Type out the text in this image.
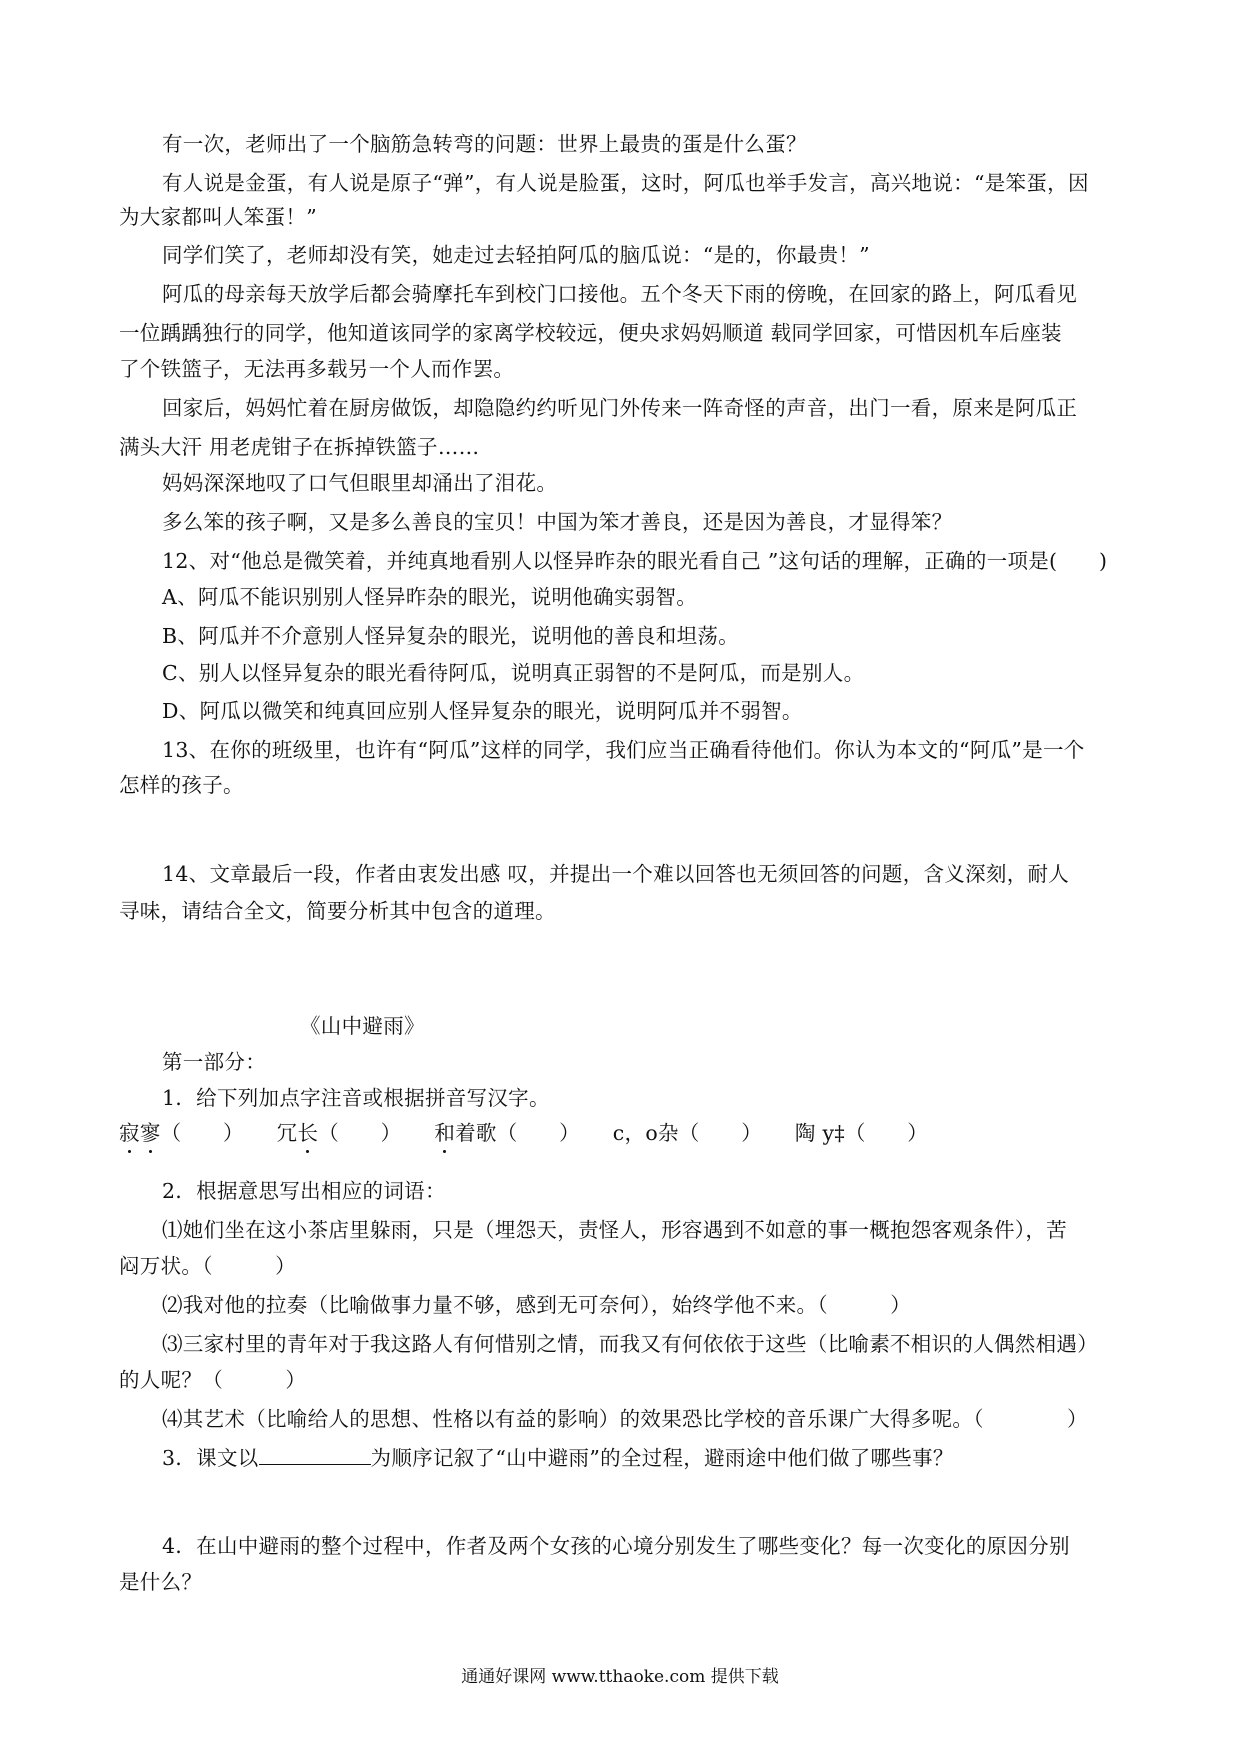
有一次，老师出了一个脑筋急转弯的问题：世界上最贵的蛋是什么蛋？
有人说是金蛋，有人说是原子“弹”，有人说是脸蛋，这时，阿瓜也举手发言，高兴地说：“是笨蛋，因
为大家都叫人笨蛋！”
同学们笑了，老师却没有笑，她走过去轻拍阿瓜的脑瓜说：“是的，你最贵！”
阿瓜的母亲每天放学后都会骑摩托车到校门口接他。五个冬天下雨的傍晚，在回家的路上，阿瓜看见
一位踽踽独行的同学，他知道该同学的家离学校较远，便央求妈妈顺道 载同学回家，可惜因机车后座装
了个铁篮子，无法再多载另一个人而作罢。
回家后，妈妈忙着在厨房做饭，却隐隐约约听见门外传来一阵奇怪的声音，出门一看，原来是阿瓜正
满头大汗 用老虎钳子在拆掉铁篮子……
妈妈深深地叹了口气但眼里却涌出了泪花。
多么笨的孩子啊，又是多么善良的宝贝！中国为笨才善良，还是因为善良，才显得笨？
12、对“他总是微笑着，并纯真地看别人以怪异昨杂的眼光看自己 ”这句话的理解，正确的一项是(　　)
A、阿瓜不能识别别人怪异昨杂的眼光，说明他确实弱智。
B、阿瓜并不介意别人怪异复杂的眼光，说明他的善良和坦荡。
C、别人以怪异复杂的眼光看待阿瓜，说明真正弱智的不是阿瓜，而是别人。
D、阿瓜以微笑和纯真回应别人怪异复杂的眼光，说明阿瓜并不弱智。
13、在你的班级里，也许有“阿瓜”这样的同学，我们应当正确看待他们。你认为本文的“阿瓜”是一个
怎样的孩子。
14、文章最后一段，作者由衷发出感 叹，并提出一个难以回答也无须回答的问题，含义深刻，耐人
寻味，请结合全文，简要分析其中包含的道理。
《山中避雨》
第一部分：
1．给下列加点字注音或根据拼音写汉字。
寂寥（　　） 冗长（　　） 和着歌（　　） c，o杂（　　） 陶 y‡（　　）
2．根据意思写出相应的词语：
⑴她们坐在这小茶店里躲雨，只是（埋怨天，责怪人，形容遇到不如意的事一概抱怨客观条件），苦
闷万状。（　　　）
⑵我对他的拉奏（比喻做事力量不够，感到无可奈何），始终学他不来。（　　　）
⑶三家村里的青年对于我这路人有何惜别之情，而我又有何依依于这些（比喻素不相识的人偶然相遇）
的人呢？（　　　）
⑷其艺术（比喻给人的思想、性格以有益的影响）的效果恐比学校的音乐课广大得多呢。（　　　　）
3．课文以	为顺序记叙了“山中避雨”的全过程，避雨途中他们做了哪些事？
4．在山中避雨的整个过程中，作者及两个女孩的心境分别发生了哪些变化？每一次变化的原因分别
是什么？
通通好课网 www.tthaoke.com 提供下载
